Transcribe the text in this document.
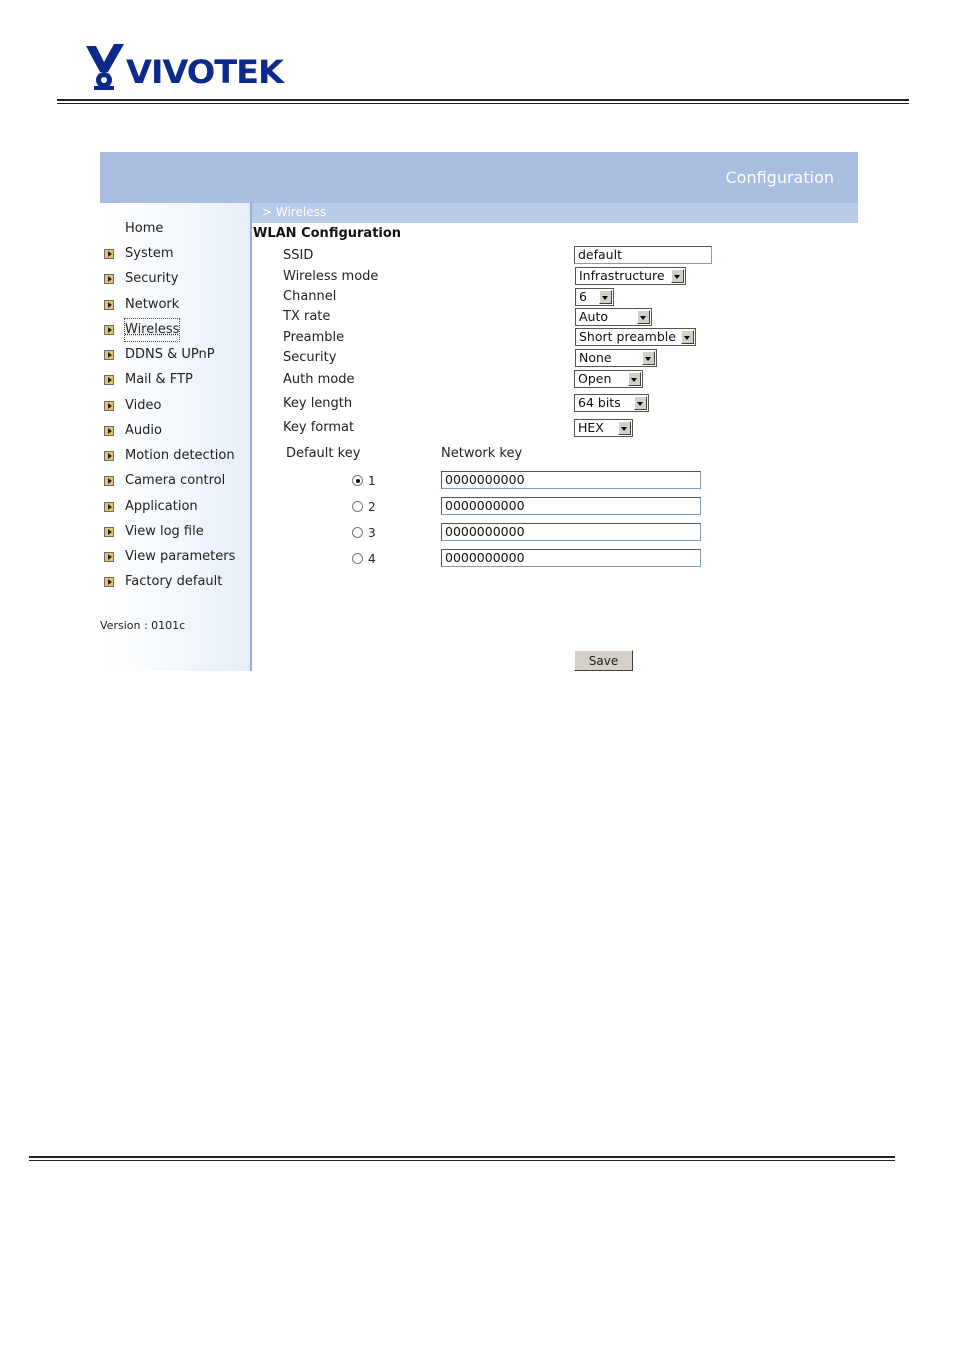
VIVOTEK
Configuration
> Wireless
Home
System
Security
Network
Wireless
DDNS & UPnP
Mail & FTP
Video
Audio
Motion detection
Camera control
Application
View log file
View parameters
Factory default
Version : 0101c
WLAN Configuration
SSID	default
Wireless mode	Infrastructure
Channel	6
TX rate	Auto
Preamble	Short preamble
Security	None
Auth mode	Open
Key length	64 bits
Key format	HEX
Default key	Network key
1	0000000000
2	0000000000
3	0000000000
4	0000000000
Save
